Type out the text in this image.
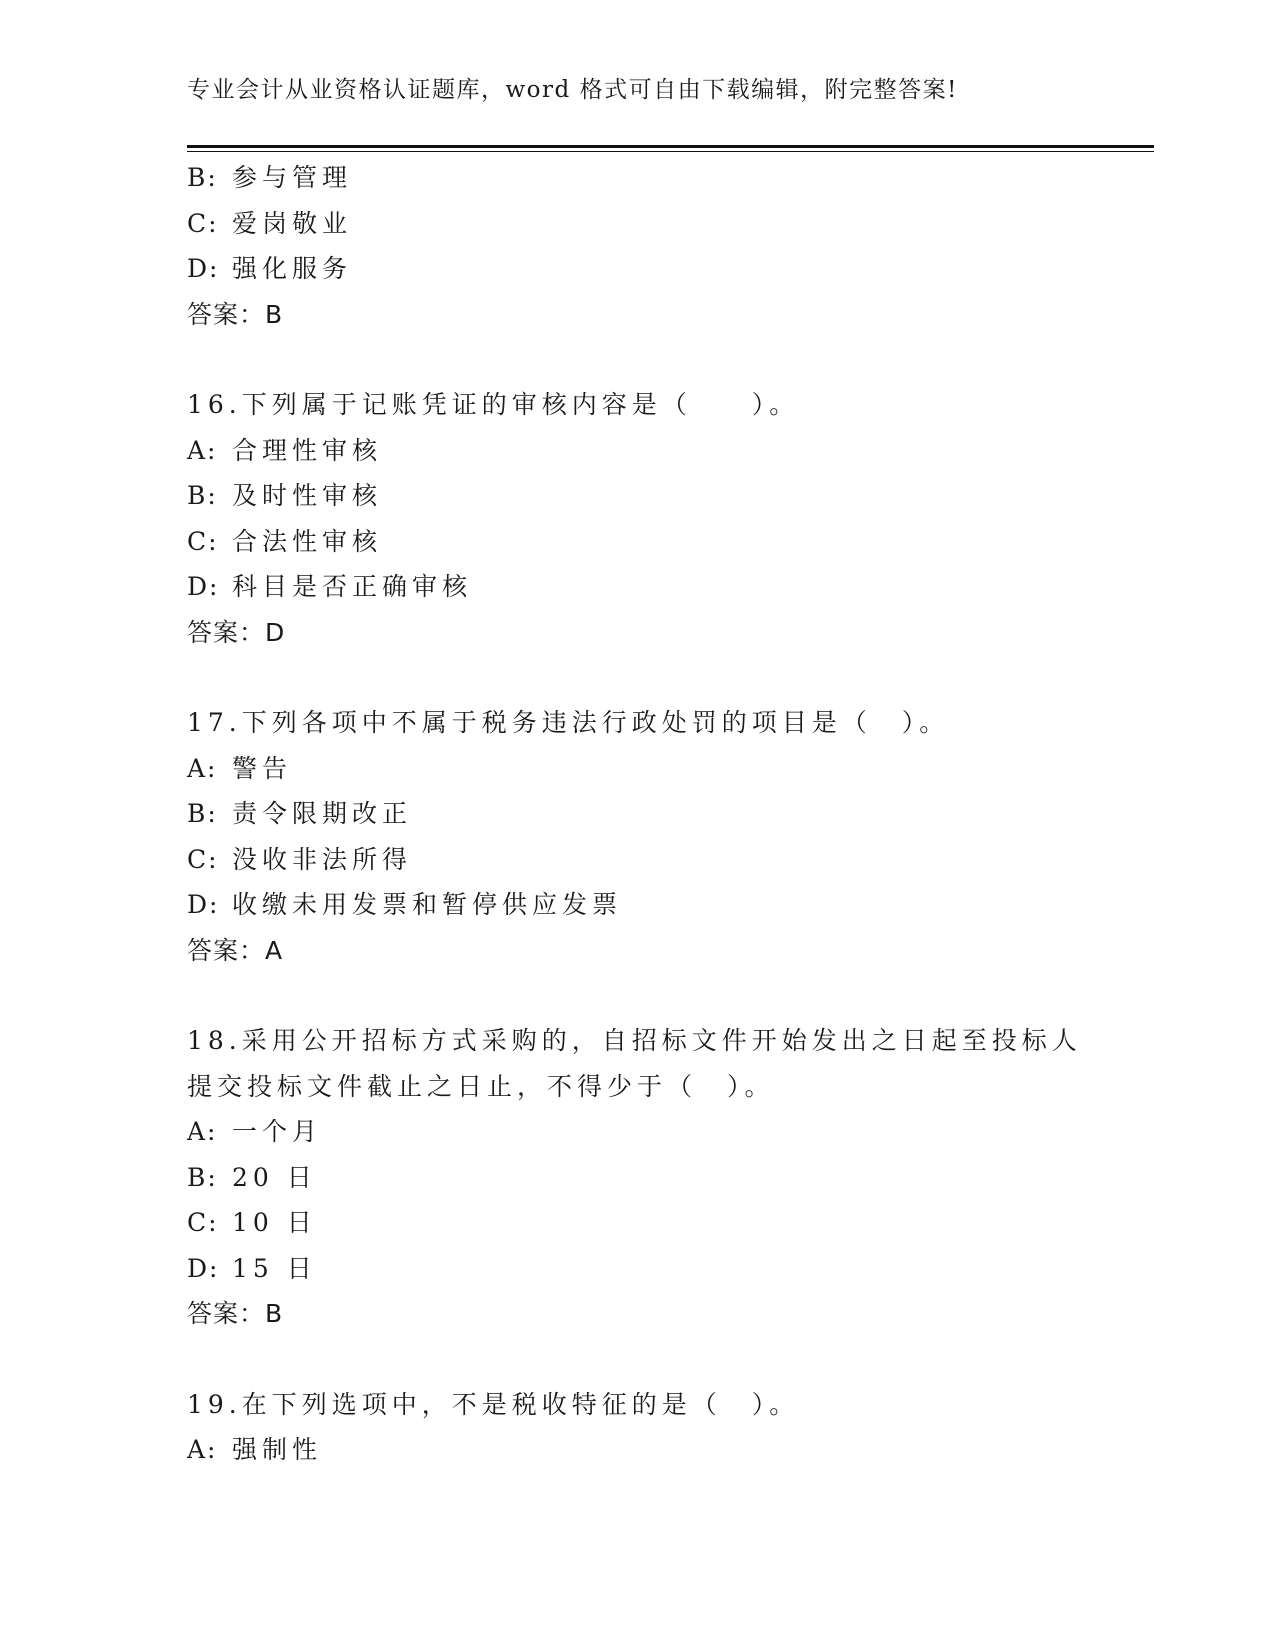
专业会计从业资格认证题库，word 格式可自由下载编辑，附完整答案!
B: 参与管理
C: 爱岗敬业
D: 强化服务
答案：B
16.下列属于记账凭证的审核内容是（　　）。
A: 合理性审核
B: 及时性审核
C: 合法性审核
D: 科目是否正确审核
答案：D
17.下列各项中不属于税务违法行政处罚的项目是（　）。
A: 警告
B: 责令限期改正
C: 没收非法所得
D: 收缴未用发票和暂停供应发票
答案：A
18.采用公开招标方式采购的，自招标文件开始发出之日起至投标人提交投标文件截止之日止，不得少于（　）。
A: 一个月
B: 20 日
C: 10 日
D: 15 日
答案：B
19.在下列选项中，不是税收特征的是（　）。
A: 强制性
